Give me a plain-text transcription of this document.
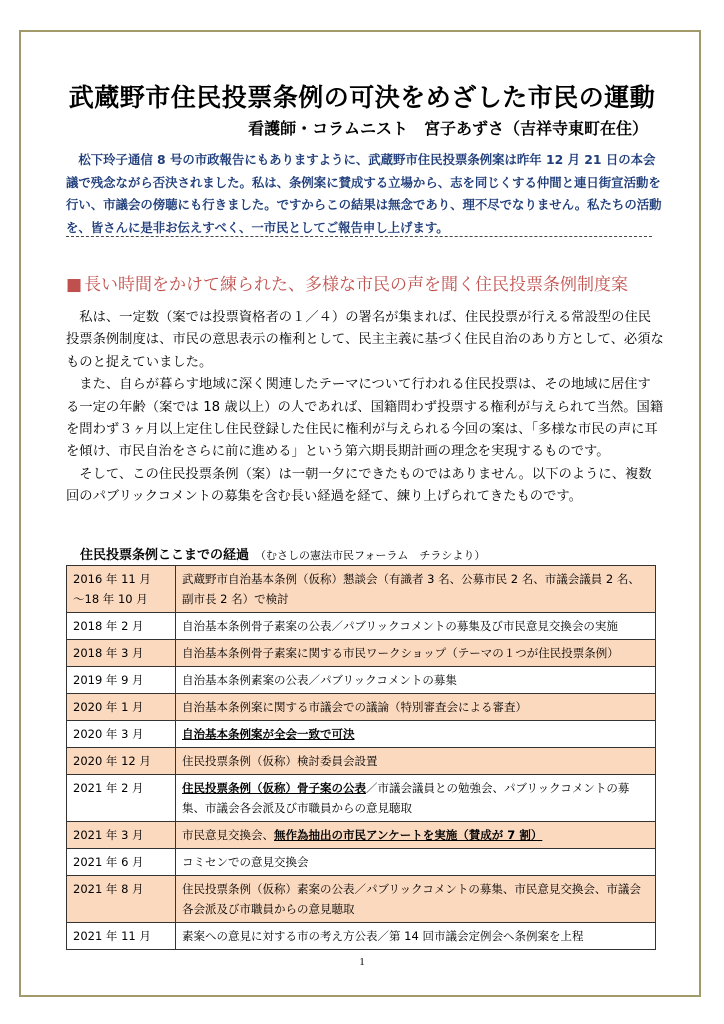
武蔵野市住民投票条例の可決をめざした市民の運動
看護師・コラムニスト　宮子あずさ（吉祥寺東町在住）

松下玲子通信 8 号の市政報告にもありますように、武蔵野市住民投票条例案は昨年 12 月 21 日の本会議で残念ながら否決されました。私は、条例案に賛成する立場から、志を同じくする仲間と連日街宣活動を行い、市議会の傍聴にも行きました。ですからこの結果は無念であり、理不尽でなりません。私たちの活動を、皆さんに是非お伝えすべく、一市民としてご報告申し上げます。

■ 長い時間をかけて練られた、多様な市民の声を聞く住民投票条例制度案

私は、一定数（案では投票資格者の１／４）の署名が集まれば、住民投票が行える常設型の住民投票条例制度は、市民の意思表示の権利として、民主主義に基づく住民自治のあり方として、必須なものと捉えていました。

また、自らが暮らす地域に深く関連したテーマについて行われる住民投票は、その地域に居住する一定の年齢（案では 18 歳以上）の人であれば、国籍問わず投票する権利が与えられて当然。国籍を問わず３ヶ月以上定住し住民登録した住民に権利が与えられる今回の案は、「多様な市民の声に耳を傾け、市民自治をさらに前に進める」という第六期長期計画の理念を実現するものです。

そして、この住民投票条例（案）は一朝一夕にできたものではありません。以下のように、複数回のパブリックコメントの募集を含む長い経過を経て、練り上げられてきたものです。

住民投票条例ここまでの経過 （むさしの憲法市民フォーラム　チラシより）
2016 年 11 月
～18 年 10 月	武蔵野市自治基本条例（仮称）懇談会（有識者 3 名、公募市民 2 名、市議会議員 2 名、副市長 2 名）で検討
2018 年 2 月	自治基本条例骨子素案の公表／パブリックコメントの募集及び市民意見交換会の実施
2018 年 3 月	自治基本条例骨子素案に関する市民ワークショップ（テーマの１つが住民投票条例）
2019 年 9 月	自治基本条例素案の公表／パブリックコメントの募集
2020 年 1 月	自治基本条例案に関する市議会での議論（特別審査会による審査）
2020 年 3 月	自治基本条例案が全会一致で可決
2020 年 12 月	住民投票条例（仮称）検討委員会設置
2021 年 2 月	住民投票条例（仮称）骨子案の公表／市議会議員との勉強会、パブリックコメントの募集、市議会各会派及び市職員からの意見聴取
2021 年 3 月	市民意見交換会、無作為抽出の市民アンケートを実施（賛成が 7 割）
2021 年 6 月	コミセンでの意見交換会
2021 年 8 月	住民投票条例（仮称）素案の公表／パブリックコメントの募集、市民意見交換会、市議会各会派及び市職員からの意見聴取
2021 年 11 月	素案への意見に対する市の考え方公表／第 14 回市議会定例会へ条例案を上程
1
